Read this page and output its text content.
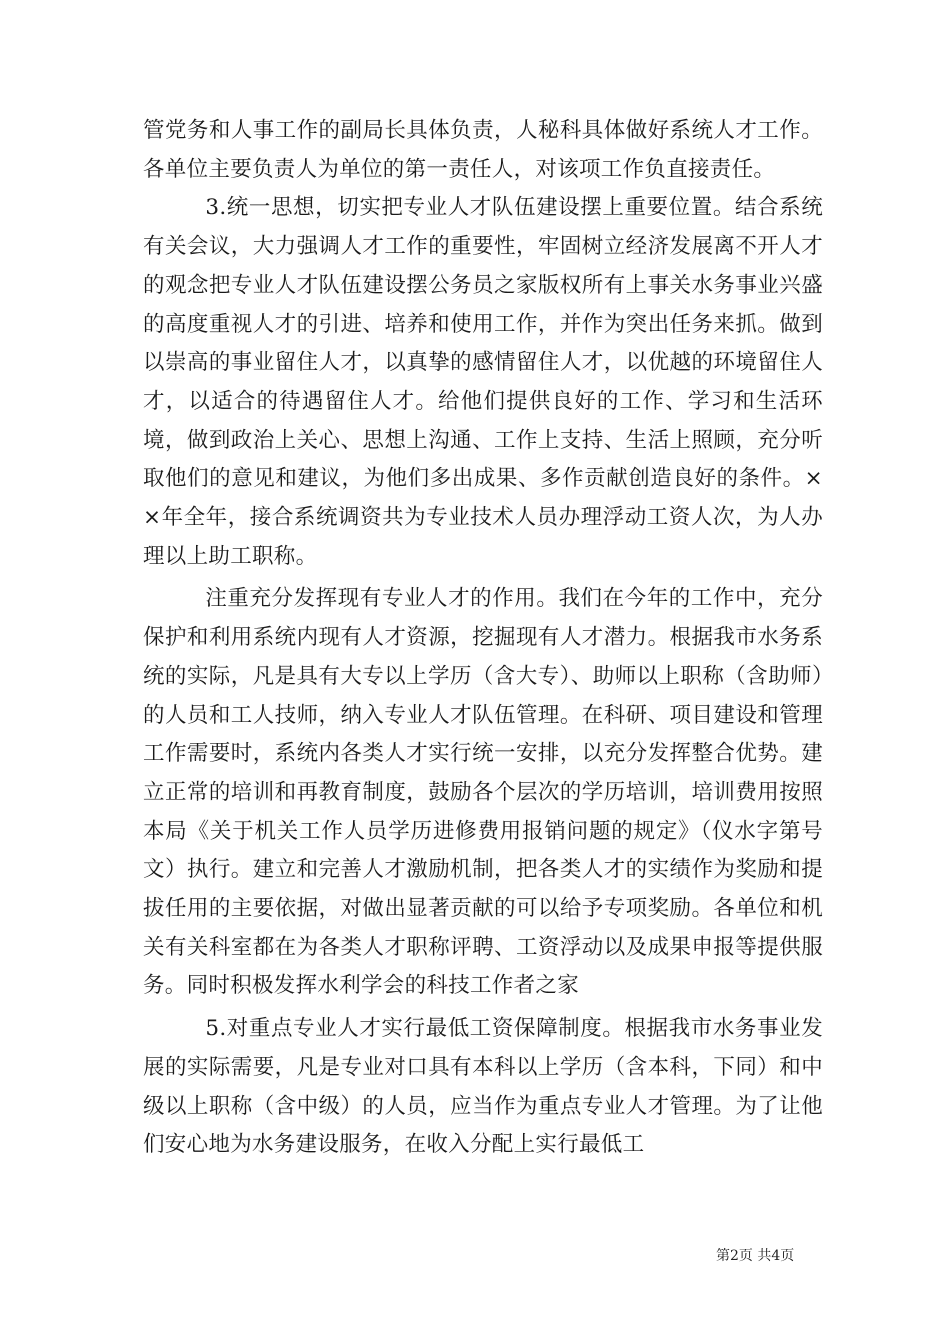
管党务和人事工作的副局长具体负责，人秘科具体做好系统人才工作。各单位主要负责人为单位的第一责任人，对该项工作负直接责任。

3.统一思想，切实把专业人才队伍建设摆上重要位置。结合系统有关会议，大力强调人才工作的重要性，牢固树立经济发展离不开人才的观念把专业人才队伍建设摆公务员之家版权所有上事关水务事业兴盛的高度重视人才的引进、培养和使用工作，并作为突出任务来抓。做到以崇高的事业留住人才，以真挚的感情留住人才，以优越的环境留住人才，以适合的待遇留住人才。给他们提供良好的工作、学习和生活环境，做到政治上关心、思想上沟通、工作上支持、生活上照顾，充分听取他们的意见和建议，为他们多出成果、多作贡献创造良好的条件。××年全年，接合系统调资共为专业技术人员办理浮动工资人次，为人办理以上助工职称。

注重充分发挥现有专业人才的作用。我们在今年的工作中，充分保护和利用系统内现有人才资源，挖掘现有人才潜力。根据我市水务系统的实际，凡是具有大专以上学历（含大专）、助师以上职称（含助师）的人员和工人技师，纳入专业人才队伍管理。在科研、项目建设和管理工作需要时，系统内各类人才实行统一安排，以充分发挥整合优势。建立正常的培训和再教育制度，鼓励各个层次的学历培训，培训费用按照本局《关于机关工作人员学历进修费用报销问题的规定》（仪水字第号文）执行。建立和完善人才激励机制，把各类人才的实绩作为奖励和提拔任用的主要依据，对做出显著贡献的可以给予专项奖励。各单位和机关有关科室都在为各类人才职称评聘、工资浮动以及成果申报等提供服务。同时积极发挥水利学会的科技工作者之家

5.对重点专业人才实行最低工资保障制度。根据我市水务事业发展的实际需要，凡是专业对口具有本科以上学历（含本科，下同）和中级以上职称（含中级）的人员，应当作为重点专业人才管理。为了让他们安心地为水务建设服务，在收入分配上实行最低工

第2页 共4页
